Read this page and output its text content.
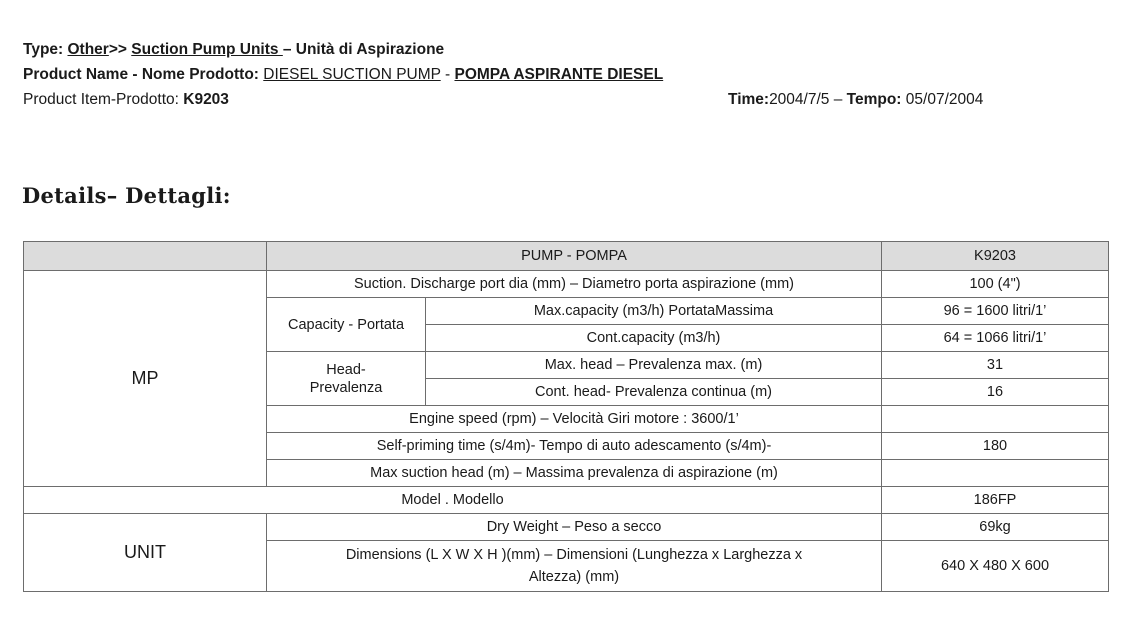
Type: Other>> Suction Pump Units – Unità di Aspirazione
Product Name - Nome Prodotto: DIESEL SUCTION PUMP - POMPA ASPIRANTE DIESEL
Product Item-Prodotto: K9203	Time:2004/7/5 – Tempo: 05/07/2004
Details– Dettagli:
	PUMP - POMPA		K9203
MP	Suction. Discharge port dia (mm) – Diametro porta aspirazione (mm)		100 (4")
	Capacity - Portata	Max.capacity (m3/h) PortataMassima	96 = 1600 litri/1’
		Cont.capacity (m3/h)	64 = 1066 litri/1’
	Head-
Prevalenza	Max. head – Prevalenza max. (m)	31
		Cont. head- Prevalenza continua (m)	16
	Engine speed (rpm) – Velocità Giri motore : 3600/1’		
	Self-priming time (s/4m)- Tempo di auto adescamento (s/4m)-		180
	Max suction head (m) – Massima prevalenza di aspirazione (m)		
Model . Modello			186FP
UNIT	Dry Weight – Peso a secco		69kg
	Dimensions (L X W X H )(mm) – Dimensioni (Lunghezza x Larghezza x
Altezza) (mm)		640 X 480 X 600
